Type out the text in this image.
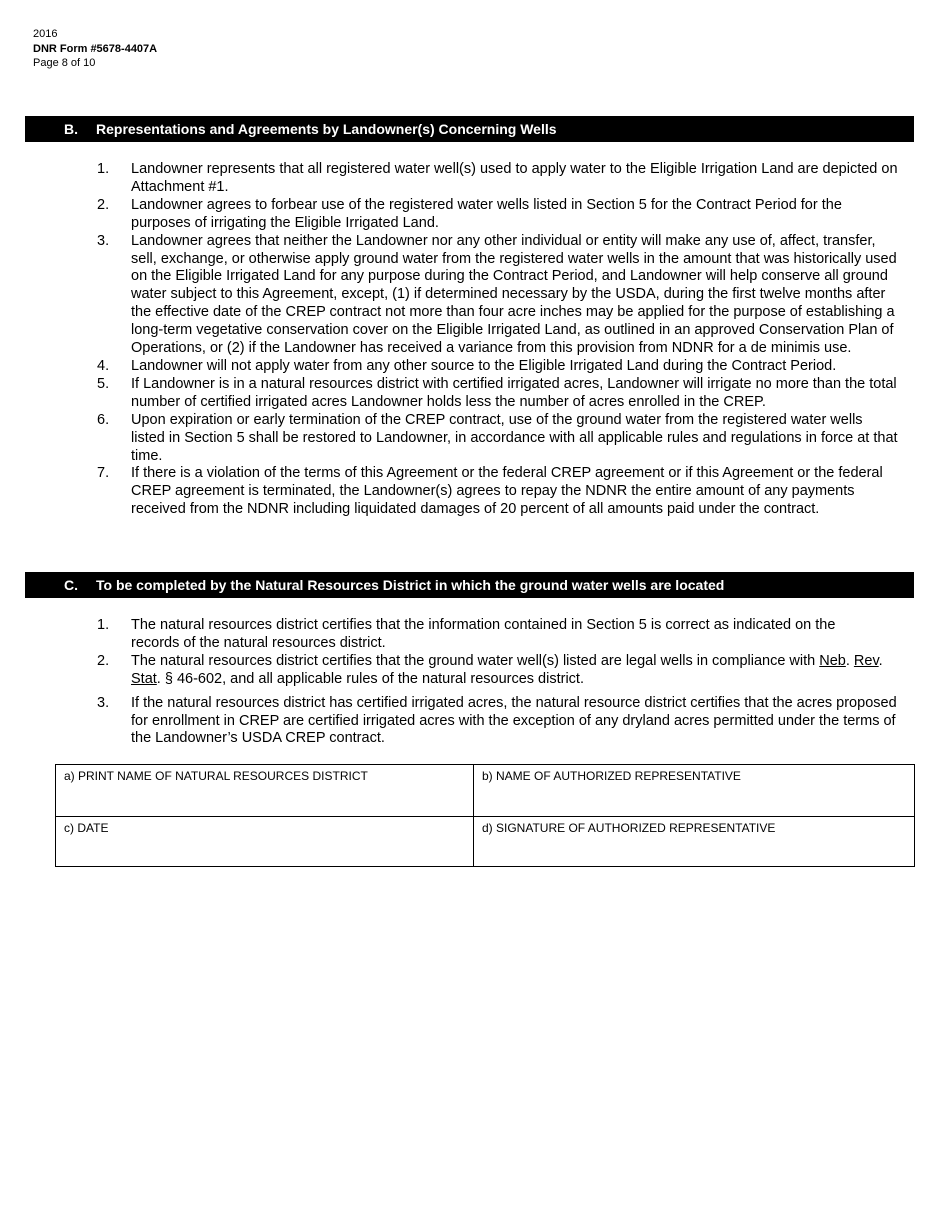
2016
DNR Form #5678-4407A
Page 8 of 10
B.	Representations and Agreements by Landowner(s) Concerning Wells
1. Landowner represents that all registered water well(s) used to apply water to the Eligible Irrigation Land are depicted on Attachment #1.
2. Landowner agrees to forbear use of the registered water wells listed in Section 5 for the Contract Period for the purposes of irrigating the Eligible Irrigated Land.
3. Landowner agrees that neither the Landowner nor any other individual or entity will make any use of, affect, transfer, sell, exchange, or otherwise apply ground water from the registered water wells in the amount that was historically used on the Eligible Irrigated Land for any purpose during the Contract Period, and Landowner will help conserve all ground water subject to this Agreement, except, (1) if determined necessary by the USDA, during the first twelve months after the effective date of the CREP contract not more than four acre inches may be applied for the purpose of establishing a long-term vegetative conservation cover on the Eligible Irrigated Land, as outlined in an approved Conservation Plan of Operations, or (2) if the Landowner has received a variance from this provision from NDNR for a de minimis use.
4. Landowner will not apply water from any other source to the Eligible Irrigated Land during the Contract Period.
5. If Landowner is in a natural resources district with certified irrigated acres, Landowner will irrigate no more than the total number of certified irrigated acres Landowner holds less the number of acres enrolled in the CREP.
6. Upon expiration or early termination of the CREP contract, use of the ground water from the registered water wells listed in Section 5 shall be restored to Landowner, in accordance with all applicable rules and regulations in force at that time.
7. If there is a violation of the terms of this Agreement or the federal CREP agreement or if this Agreement or the federal CREP agreement is terminated, the Landowner(s) agrees to repay the NDNR the entire amount of any payments received from the NDNR including liquidated damages of 20 percent of all amounts paid under the contract.
C.	To be completed by the Natural Resources District in which the ground water wells are located
1. The natural resources district certifies that the information contained in Section 5 is correct as indicated on the records of the natural resources district.
2. The natural resources district certifies that the ground water well(s) listed are legal wells in compliance with Neb. Rev. Stat. § 46-602, and all applicable rules of the natural resources district.
3. If the natural resources district has certified irrigated acres, the natural resource district certifies that the acres proposed for enrollment in CREP are certified irrigated acres with the exception of any dryland acres permitted under the terms of the Landowner’s USDA CREP contract.
a) PRINT NAME OF NATURAL RESOURCES DISTRICT	b) NAME OF AUTHORIZED REPRESENTATIVE
c) DATE	d) SIGNATURE OF AUTHORIZED REPRESENTATIVE
